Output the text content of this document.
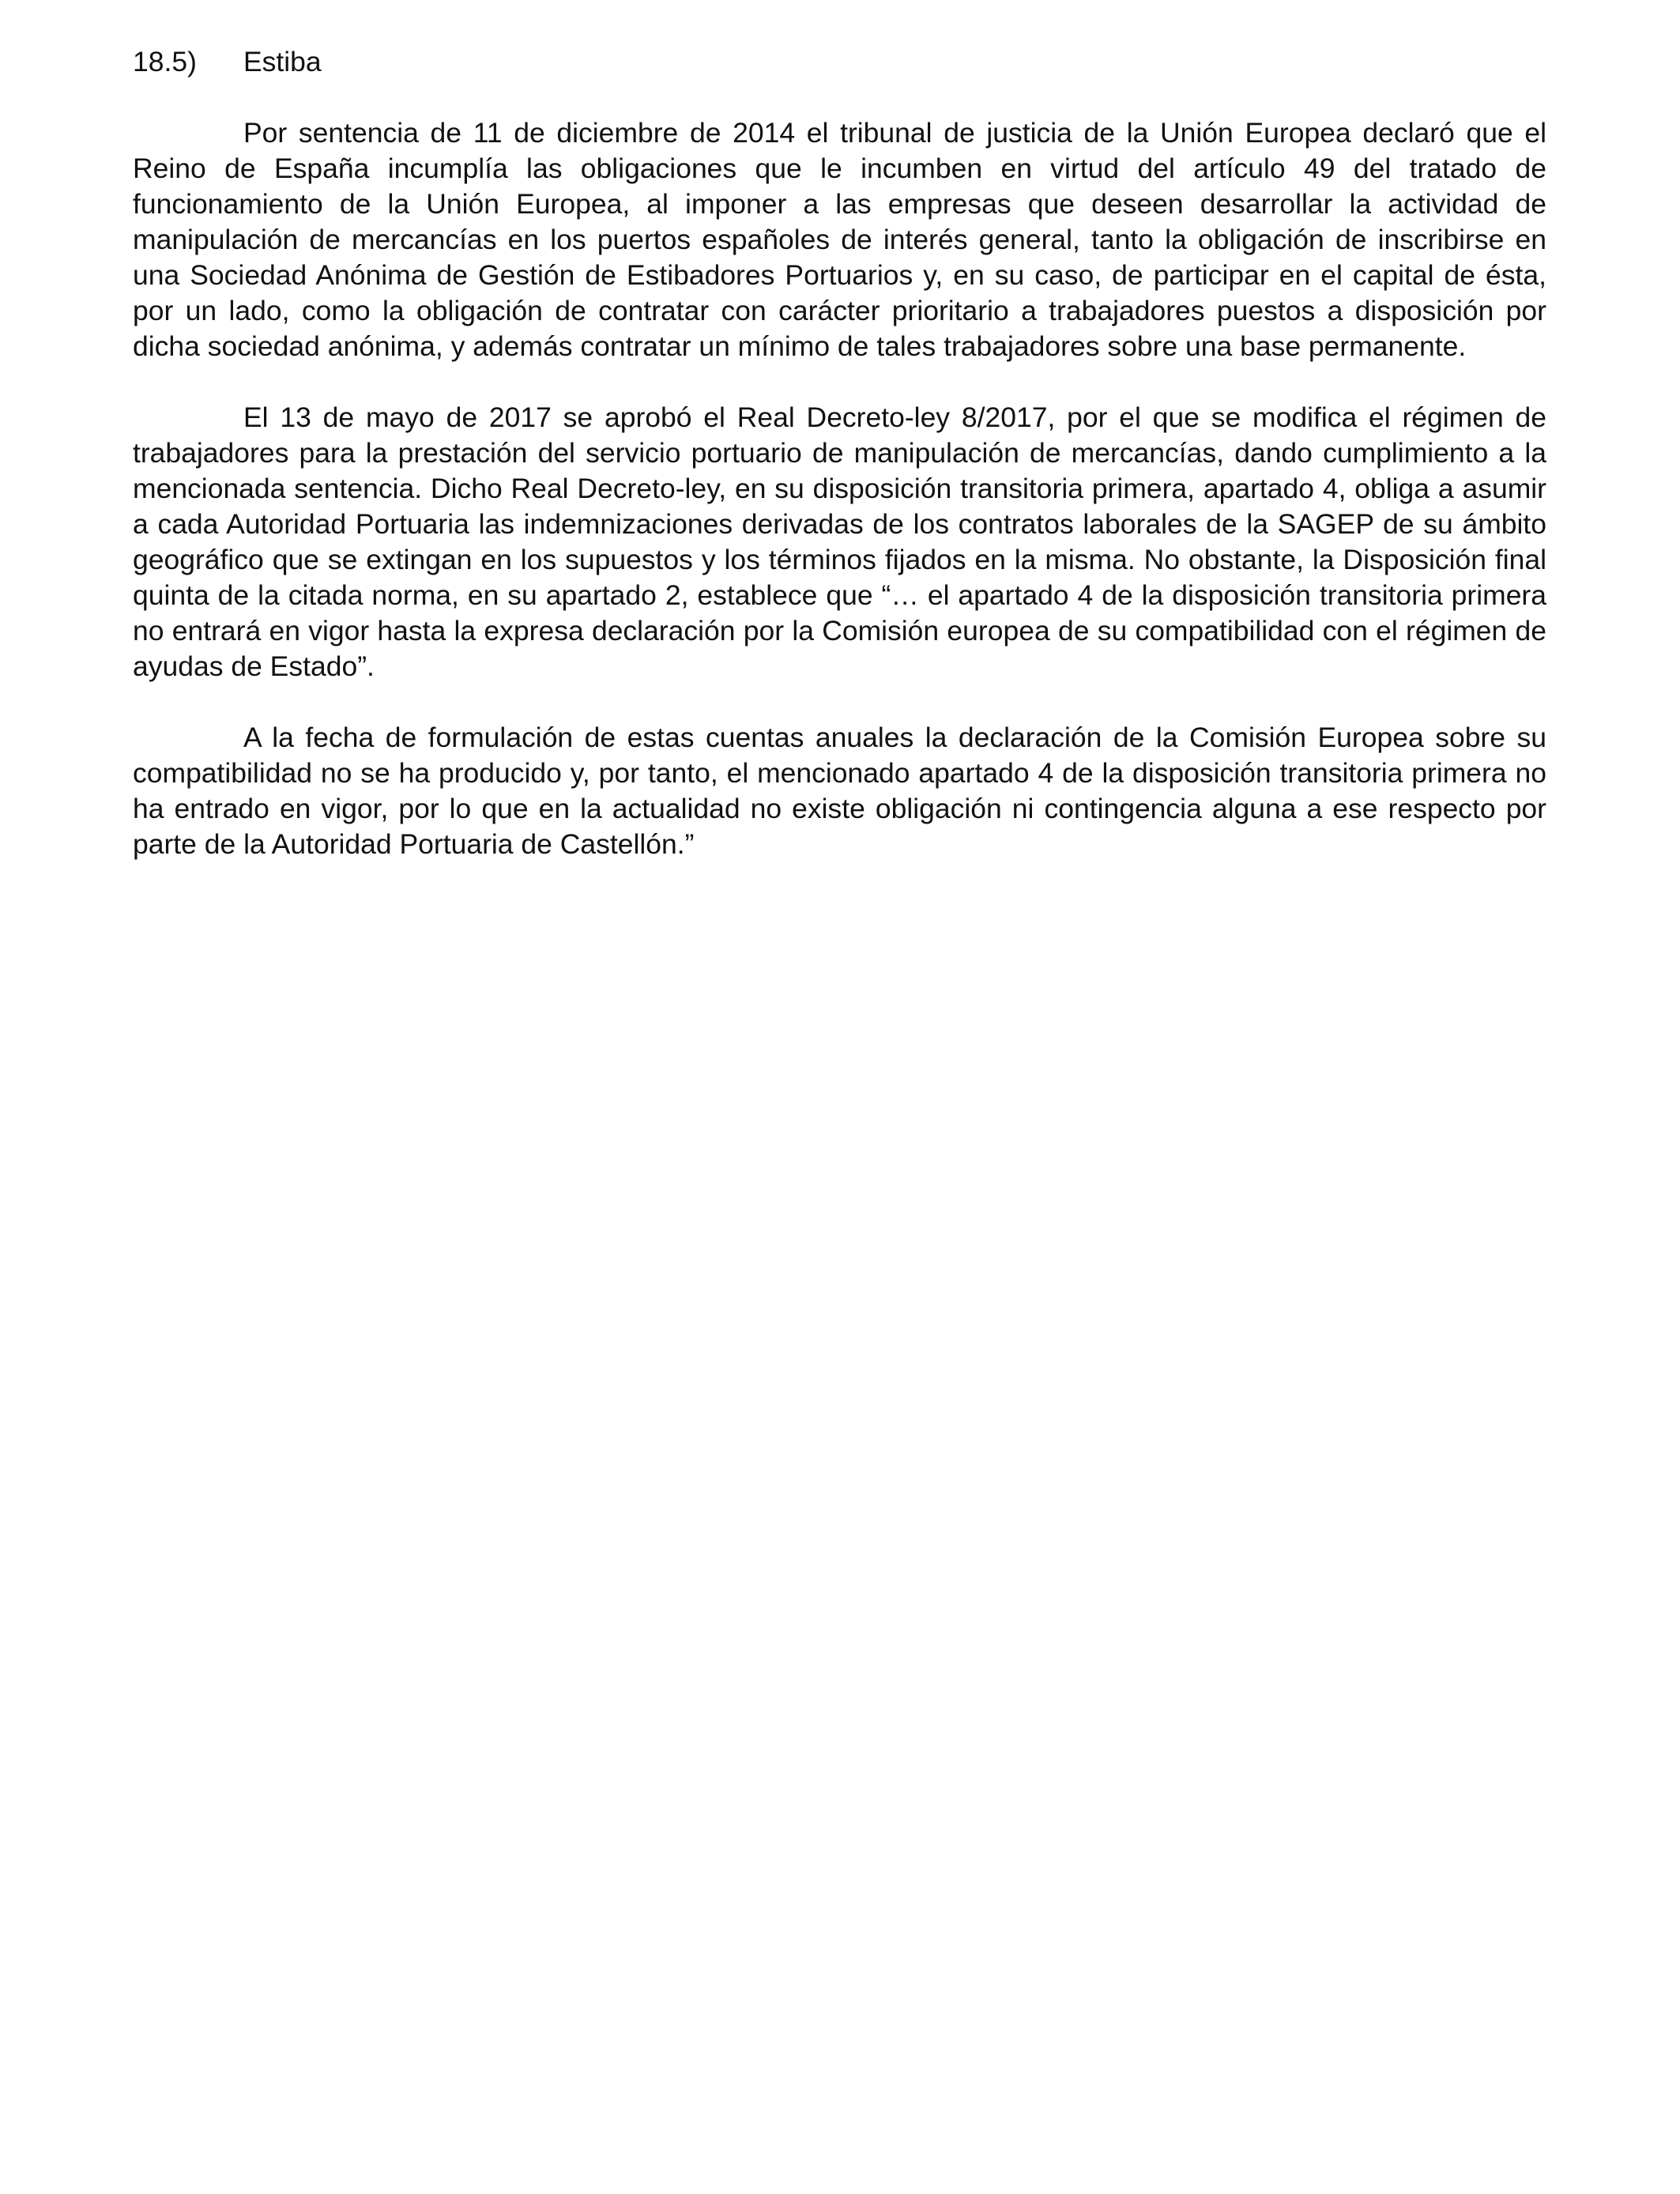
18.5)	Estiba

Por sentencia de 11 de diciembre de 2014 el tribunal de justicia de la Unión Europea declaró que el Reino de España incumplía las obligaciones que le incumben en virtud del artículo 49 del tratado de funcionamiento de la Unión Europea, al imponer a las empresas que deseen desarrollar la actividad de manipulación de mercancías en los puertos españoles de interés general, tanto la obligación de inscribirse en una Sociedad Anónima de Gestión de Estibadores Portuarios y, en su caso, de participar en el capital de ésta, por un lado, como la obligación de contratar con carácter prioritario a trabajadores puestos a disposición por dicha sociedad anónima, y además contratar un mínimo de tales trabajadores sobre una base permanente.

El 13 de mayo de 2017 se aprobó el Real Decreto-ley 8/2017, por el que se modifica el régimen de trabajadores para la prestación del servicio portuario de manipulación de mercancías, dando cumplimiento a la mencionada sentencia. Dicho Real Decreto-ley, en su disposición transitoria primera, apartado 4, obliga a asumir a cada Autoridad Portuaria las indemnizaciones derivadas de los contratos laborales de la SAGEP de su ámbito geográfico que se extingan en los supuestos y los términos fijados en la misma. No obstante, la Disposición final quinta de la citada norma, en su apartado 2, establece que “… el apartado 4 de la disposición transitoria primera no entrará en vigor hasta la expresa declaración por la Comisión europea de su compatibilidad con el régimen de ayudas de Estado”.

A la fecha de formulación de estas cuentas anuales la declaración de la Comisión Europea sobre su compatibilidad no se ha producido y, por tanto, el mencionado apartado 4 de la disposición transitoria primera no ha entrado en vigor, por lo que en la actualidad no existe obligación ni contingencia alguna a ese respecto por parte de la Autoridad Portuaria de Castellón.”
